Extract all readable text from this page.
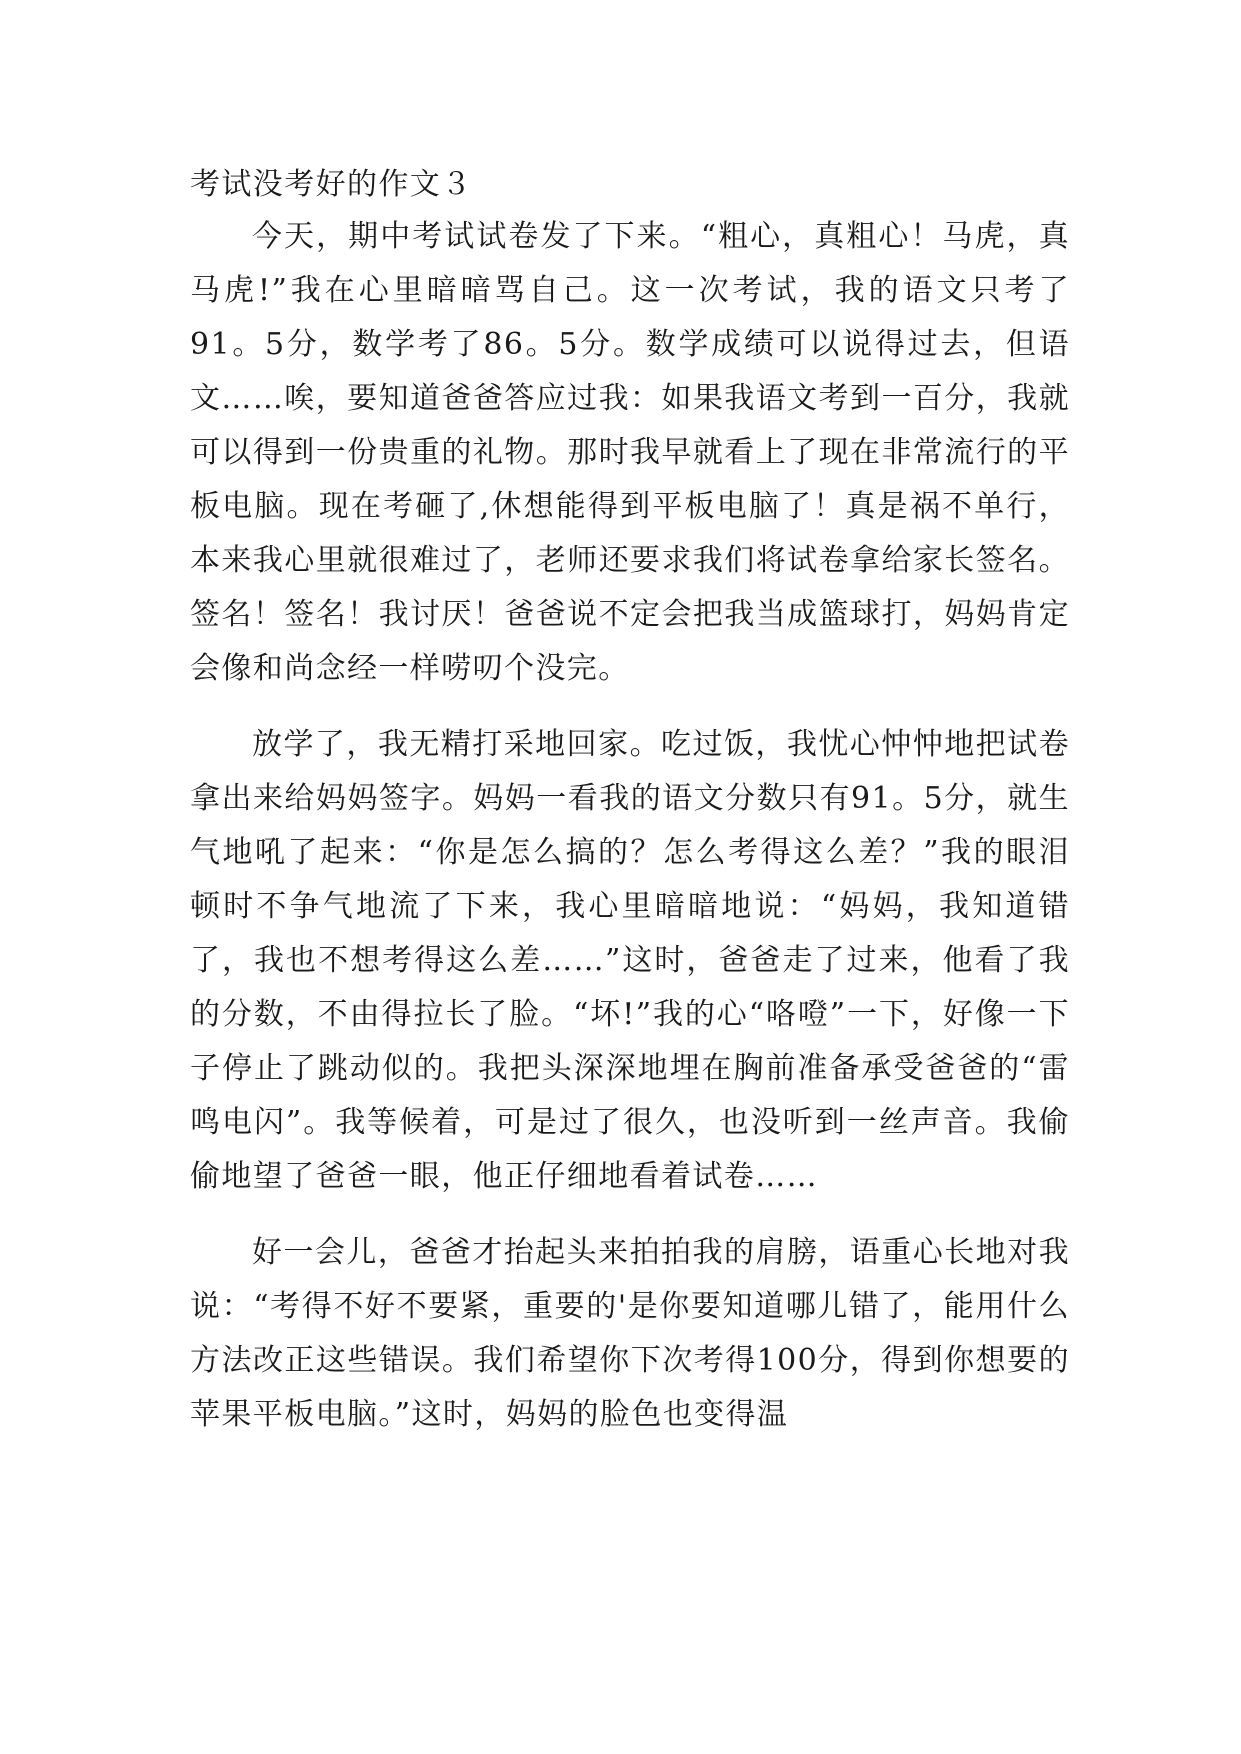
考试没考好的作文３

今天，期中考试试卷发了下来。“粗心，真粗心！马虎，真马虎!”我在心里暗暗骂自己。这一次考试，我的语文只考了91。5分，数学考了86。5分。数学成绩可以说得过去，但语文……唉，要知道爸爸答应过我：如果我语文考到一百分，我就可以得到一份贵重的礼物。那时我早就看上了现在非常流行的平板电脑。现在考砸了,休想能得到平板电脑了！真是祸不单行，本来我心里就很难过了，老师还要求我们将试卷拿给家长签名。签名！签名！我讨厌！爸爸说不定会把我当成篮球打，妈妈肯定会像和尚念经一样唠叨个没完。

放学了，我无精打采地回家。吃过饭，我忧心忡忡地把试卷拿出来给妈妈签字。妈妈一看我的语文分数只有91。5分，就生气地吼了起来：“你是怎么搞的？怎么考得这么差？”我的眼泪顿时不争气地流了下来，我心里暗暗地说：“妈妈，我知道错了，我也不想考得这么差……”这时，爸爸走了过来，他看了我的分数，不由得拉长了脸。“坏!”我的心“咯噔”一下，好像一下子停止了跳动似的。我把头深深地埋在胸前准备承受爸爸的“雷鸣电闪”。我等候着，可是过了很久，也没听到一丝声音。我偷偷地望了爸爸一眼，他正仔细地看着试卷……

好一会儿，爸爸才抬起头来拍拍我的肩膀，语重心长地对我说：“考得不好不要紧，重要的'是你要知道哪儿错了，能用什么方法改正这些错误。我们希望你下次考得100分，得到你想要的苹果平板电脑。”这时，妈妈的脸色也变得温
